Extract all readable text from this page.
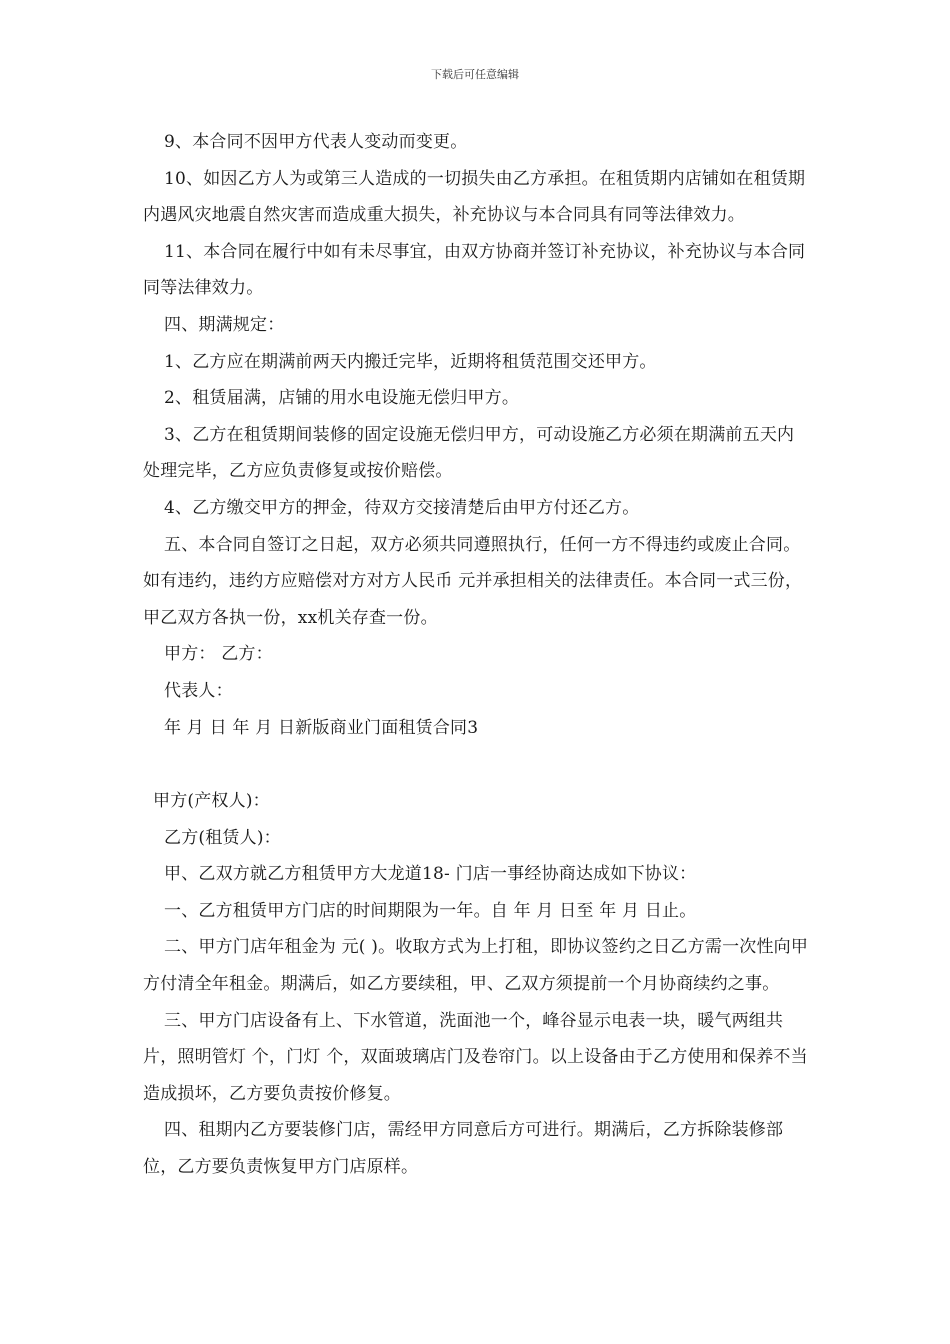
下载后可任意编辑

9、本合同不因甲方代表人变动而变更。

10、如因乙方人为或第三人造成的一切损失由乙方承担。在租赁期内店铺如在租赁期内遇风灾地震自然灾害而造成重大损失，补充协议与本合同具有同等法律效力。

11、本合同在履行中如有未尽事宜，由双方协商并签订补充协议，补充协议与本合同同等法律效力。

四、期满规定：

1、乙方应在期满前两天内搬迁完毕，近期将租赁范围交还甲方。

2、租赁届满，店铺的用水电设施无偿归甲方。

3、乙方在租赁期间装修的固定设施无偿归甲方，可动设施乙方必须在期满前五天内处理完毕，乙方应负责修复或按价赔偿。

4、乙方缴交甲方的押金，待双方交接清楚后由甲方付还乙方。

五、本合同自签订之日起，双方必须共同遵照执行，任何一方不得违约或废止合同。如有违约，违约方应赔偿对方对方人民币 元并承担相关的法律责任。本合同一式三份，甲乙双方各执一份，xx机关存查一份。

甲方： 乙方：

代表人：

年 月 日 年 月 日新版商业门面租赁合同3

甲方(产权人)：

乙方(租赁人)：

甲、乙双方就乙方租赁甲方大龙道18- 门店一事经协商达成如下协议：

一、乙方租赁甲方门店的时间期限为一年。自 年 月 日至 年 月 日止。

二、甲方门店年租金为 元( )。收取方式为上打租，即协议签约之日乙方需一次性向甲方付清全年租金。期满后，如乙方要续租，甲、乙双方须提前一个月协商续约之事。

三、甲方门店设备有上、下水管道，洗面池一个，峰谷显示电表一块，暖气两组共 片，照明管灯 个，门灯 个，双面玻璃店门及卷帘门。以上设备由于乙方使用和保养不当造成损坏，乙方要负责按价修复。

四、租期内乙方要装修门店，需经甲方同意后方可进行。期满后，乙方拆除装修部位，乙方要负责恢复甲方门店原样。
